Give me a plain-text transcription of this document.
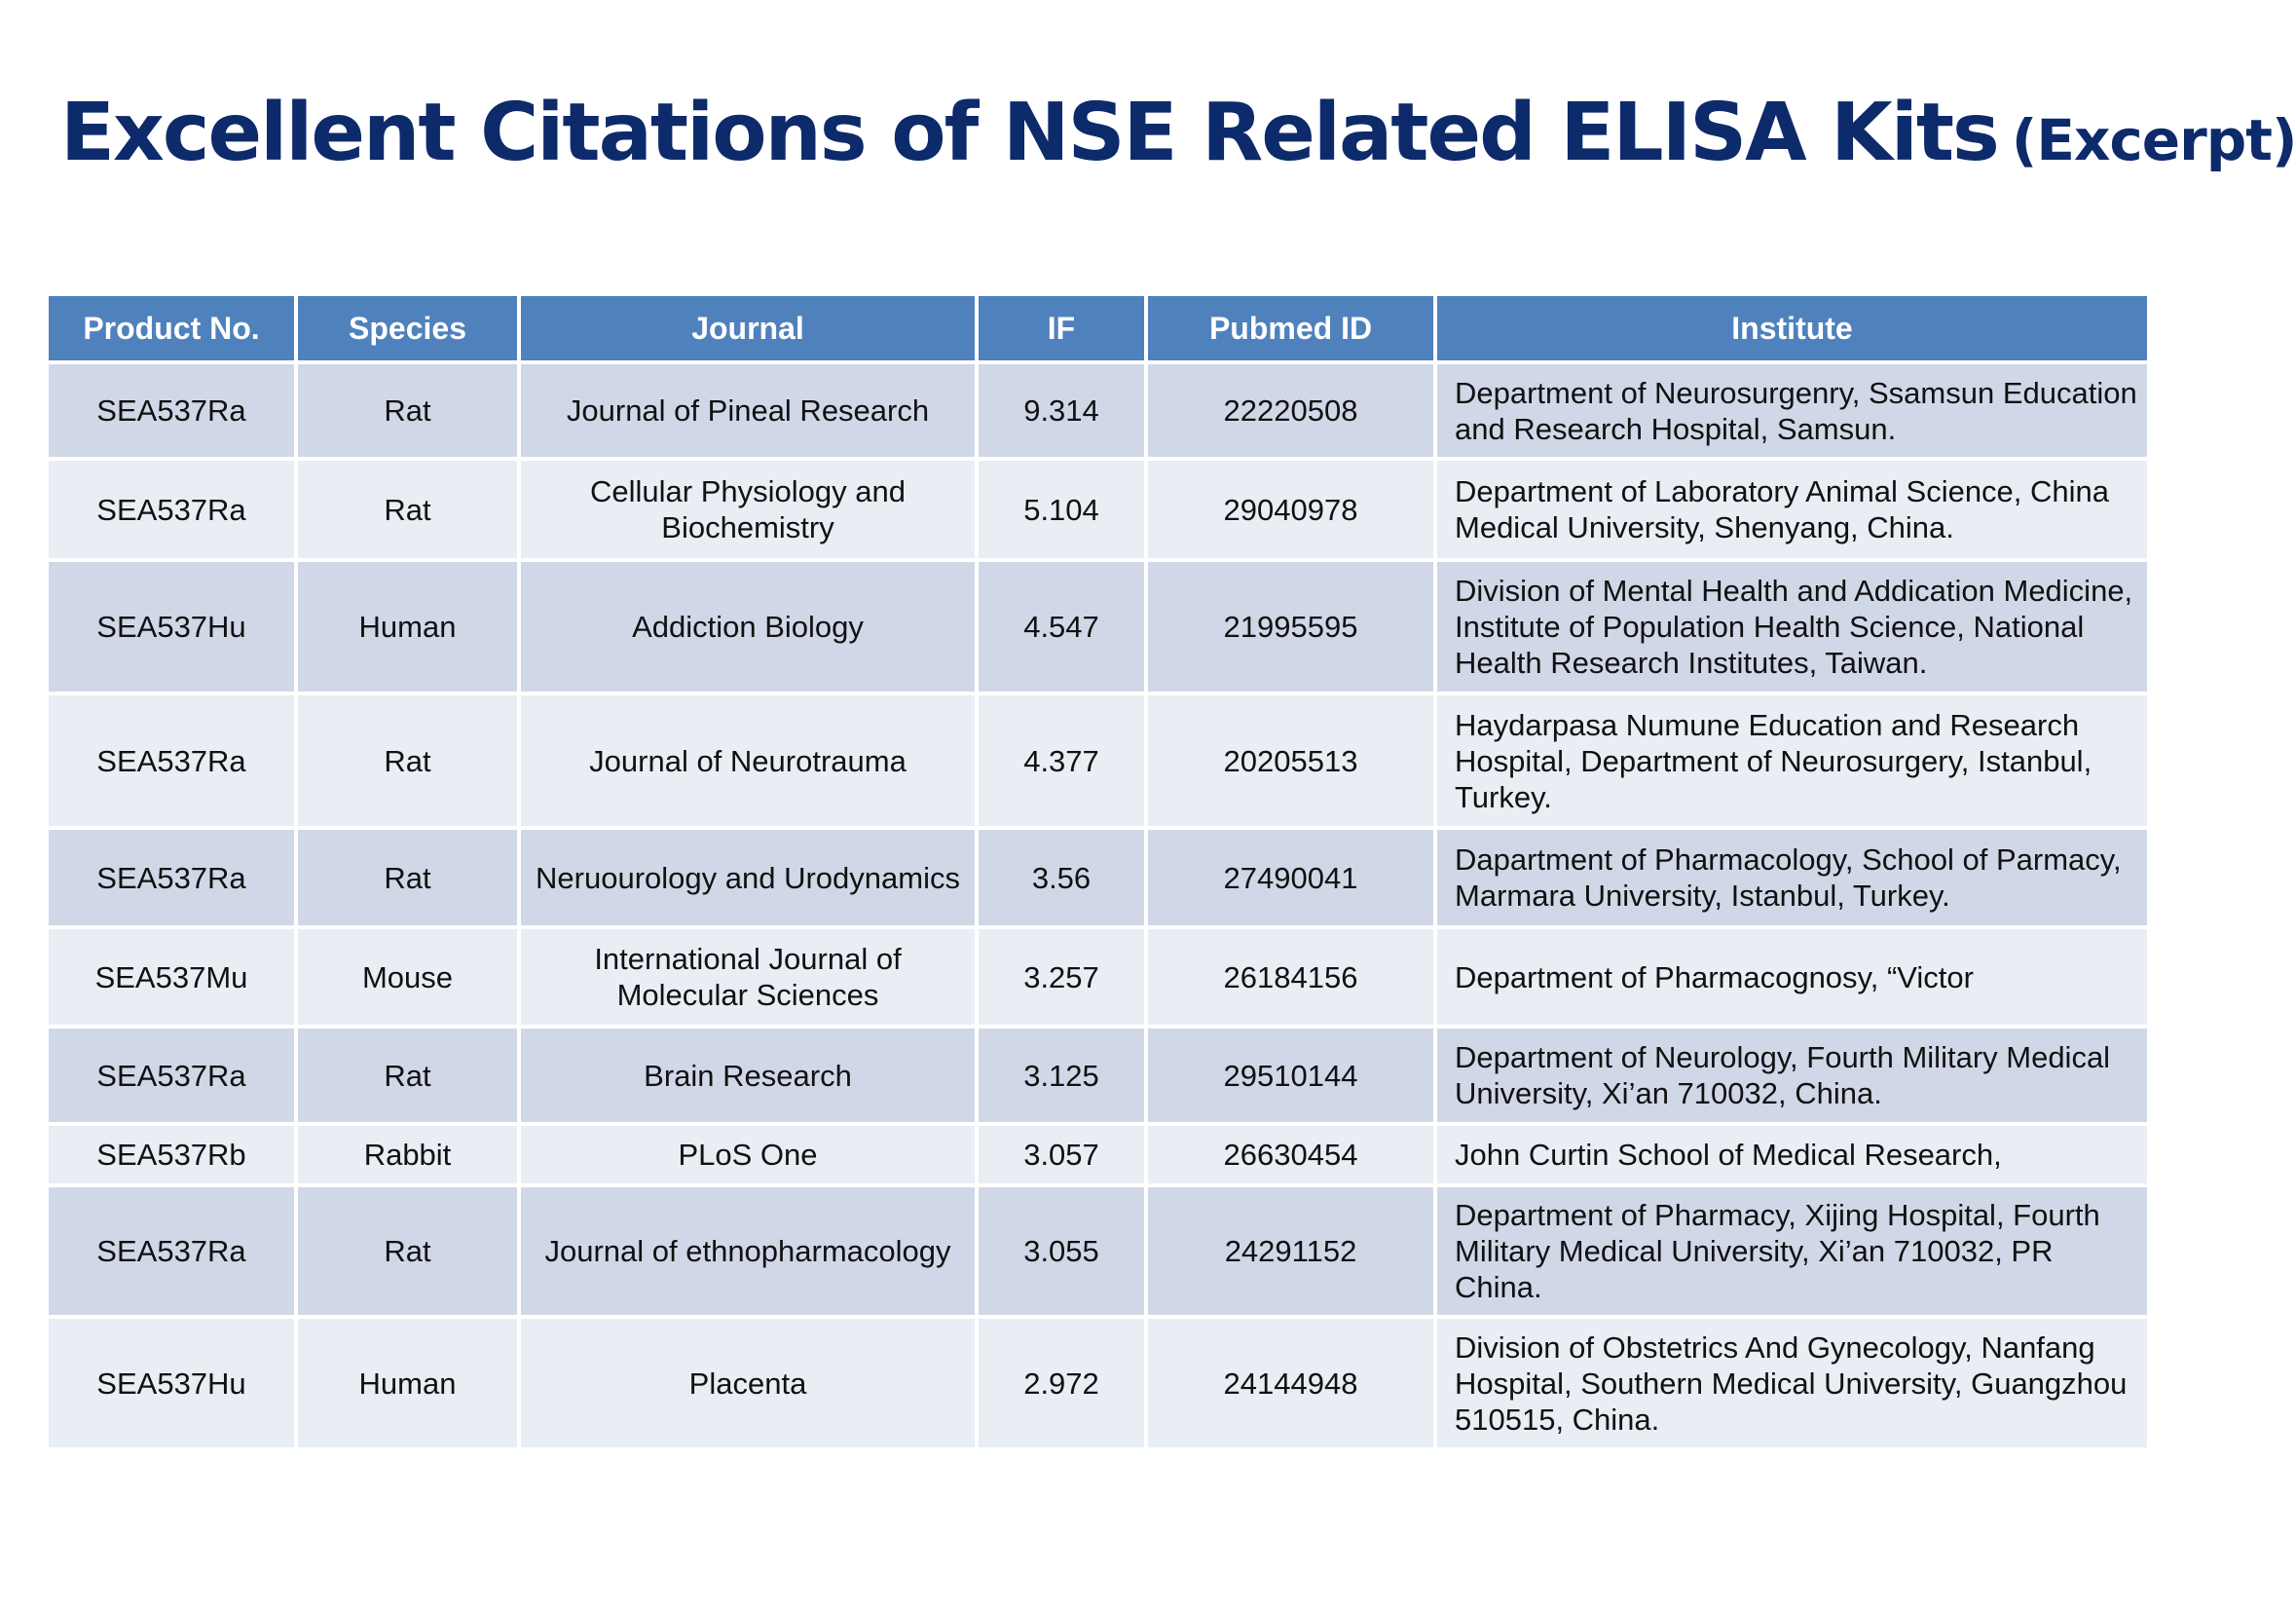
Excellent Citations of NSE Related ELISA Kits (Excerpt)
Product No.	Species	Journal	IF	Pubmed ID	Institute
SEA537Ra	Rat	Journal of Pineal Research	9.314	22220508	Department of Neurosurgenry, Ssamsun Education and Research Hospital, Samsun.
SEA537Ra	Rat	Cellular Physiology and Biochemistry	5.104	29040978	Department of Laboratory Animal Science, China Medical University, Shenyang, China.
SEA537Hu	Human	Addiction Biology	4.547	21995595	Division of Mental Health and Addication Medicine, Institute of Population Health Science, National Health Research Institutes, Taiwan.
SEA537Ra	Rat	Journal of Neurotrauma	4.377	20205513	Haydarpasa Numune Education and Research Hospital, Department of Neurosurgery, Istanbul, Turkey.
SEA537Ra	Rat	Neruourology and Urodynamics	3.56	27490041	Dapartment of Pharmacology, School of Parmacy, Marmara University, Istanbul, Turkey.
SEA537Mu	Mouse	International Journal of Molecular Sciences	3.257	26184156	Department of Pharmacognosy, “Victor
SEA537Ra	Rat	Brain Research	3.125	29510144	Department of Neurology, Fourth Military Medical University, Xi’an 710032, China.
SEA537Rb	Rabbit	PLoS One	3.057	26630454	John Curtin School of Medical Research,
SEA537Ra	Rat	Journal of ethnopharmacology	3.055	24291152	Department of Pharmacy, Xijing Hospital, Fourth Military Medical University, Xi’an 710032, PR China.
SEA537Hu	Human	Placenta	2.972	24144948	Division of Obstetrics And Gynecology, Nanfang Hospital, Southern Medical University, Guangzhou 510515, China.
